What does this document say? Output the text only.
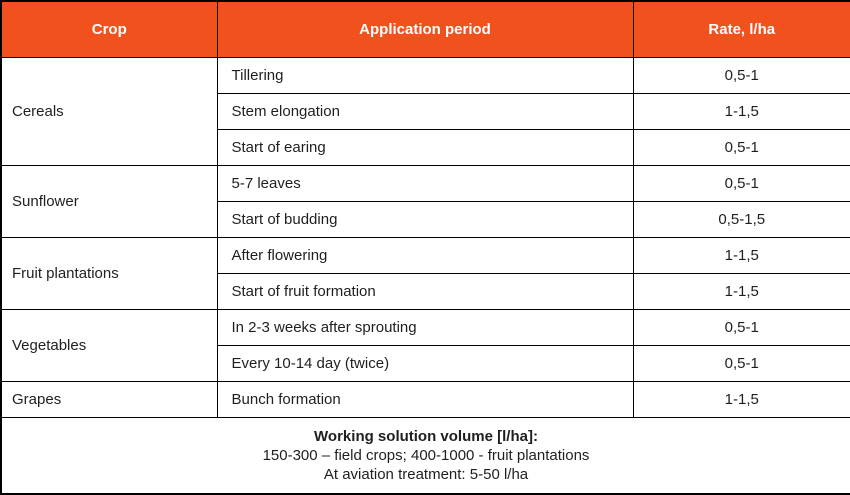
Crop	Application period	Rate, l/ha
Cereals	Tillering	0,5-1
	Stem elongation	1-1,5
	Start of earing	0,5-1
Sunflower	5-7 leaves	0,5-1
	Start of budding	0,5-1,5
Fruit plantations	After flowering	1-1,5
	Start of fruit formation	1-1,5
Vegetables	In 2-3 weeks after sprouting	0,5-1
	Every 10-14 day (twice)	0,5-1
Grapes	Bunch formation	1-1,5

Working solution volume [l/ha]:
150-300 – field crops; 400-1000 - fruit plantations
At aviation treatment: 5-50 l/ha		
